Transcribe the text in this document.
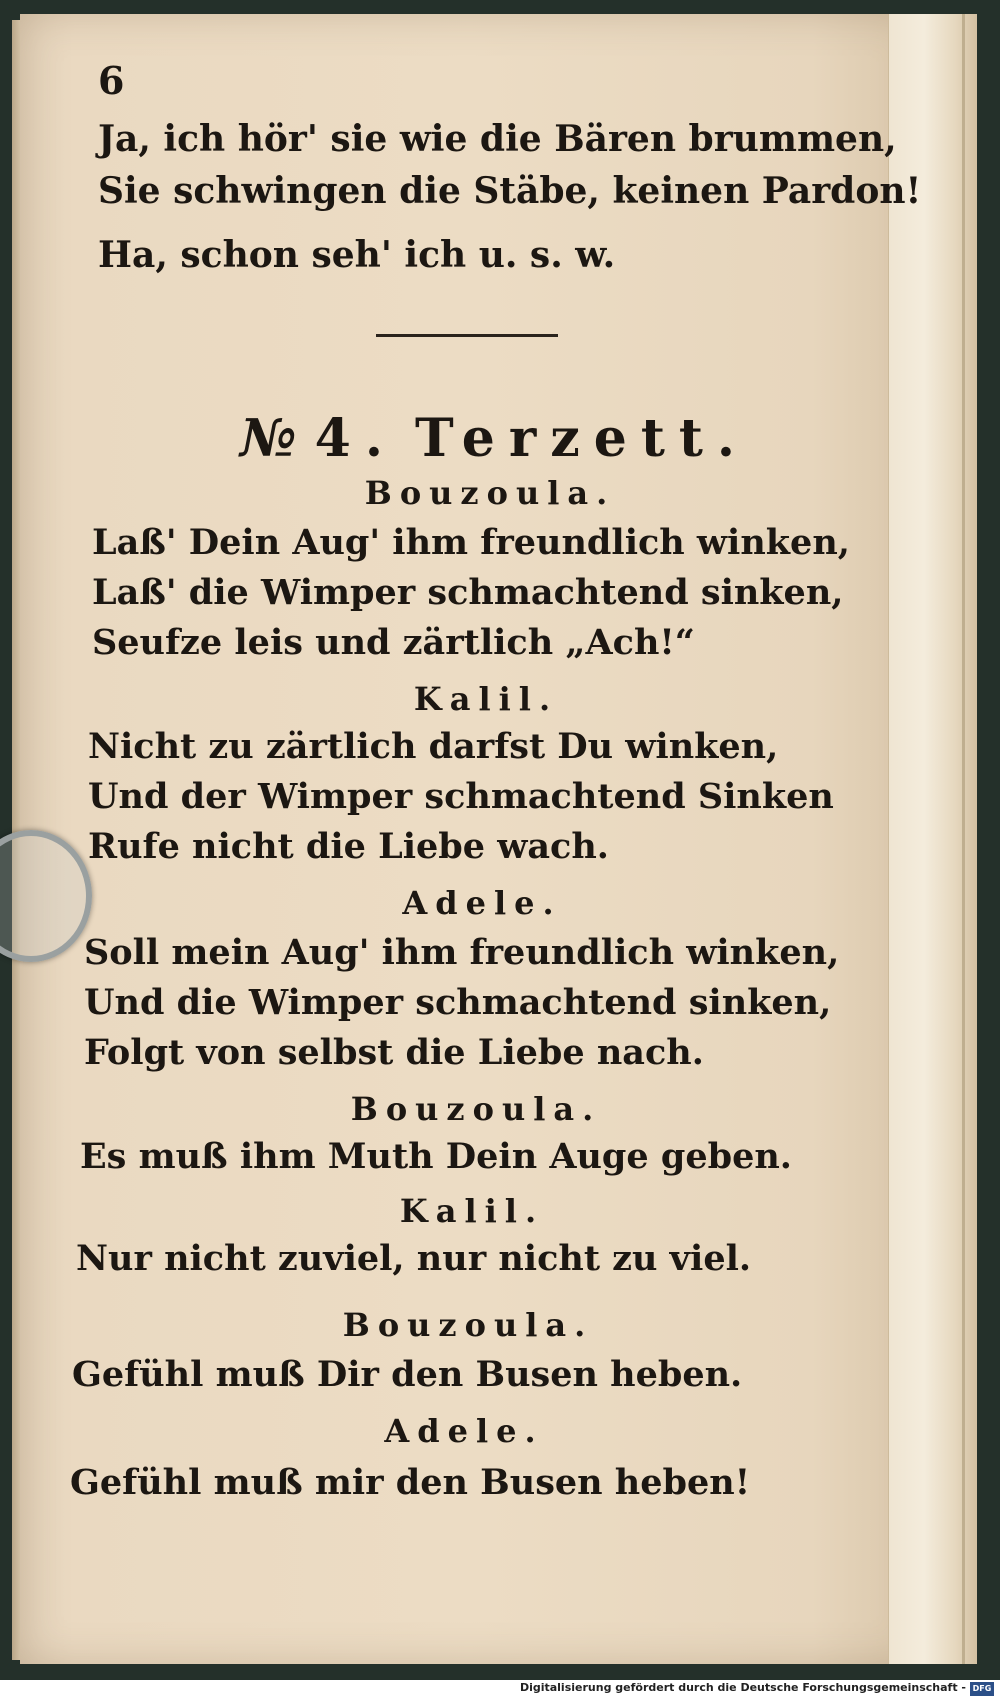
6
Ja, ich hör' sie wie die Bären brummen,
Sie schwingen die Stäbe, keinen Pardon!
Ha, schon seh' ich u. s. w.
№ 4. Terzett.
Bouzoula.
Laß' Dein Aug' ihm freundlich winken,
Laß' die Wimper schmachtend sinken,
Seufze leis und zärtlich „Ach!“
Kalil.
Nicht zu zärtlich darfst Du winken,
Und der Wimper schmachtend Sinken
Rufe nicht die Liebe wach.
Adele.
Soll mein Aug' ihm freundlich winken,
Und die Wimper schmachtend sinken,
Folgt von selbst die Liebe nach.
Bouzoula.
Es muß ihm Muth Dein Auge geben.
Kalil.
Nur nicht zuviel, nur nicht zu viel.
Bouzoula.
Gefühl muß Dir den Busen heben.
Adele.
Gefühl muß mir den Busen heben!
Digitalisierung gefördert durch die Deutsche Forschungsgemeinschaft - DFG
